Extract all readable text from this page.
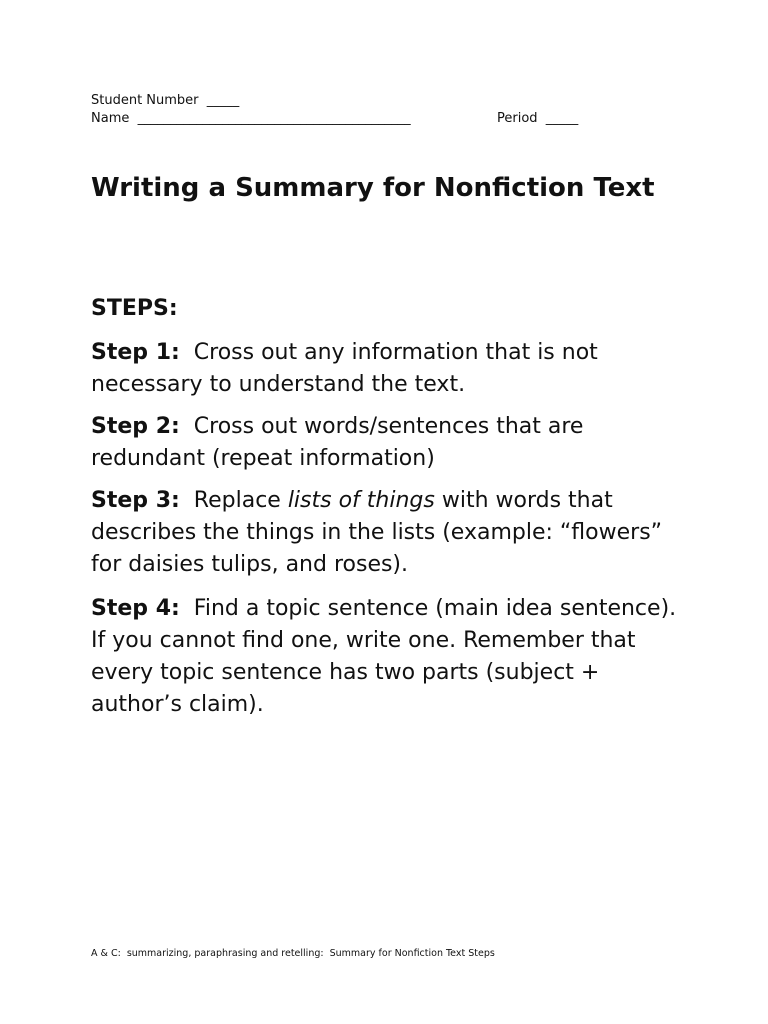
Student Number  _____
Name  __________________________________________	Period  _____
Writing a Summary for Nonfiction Text
STEPS:

Step 1: Cross out any information that is not necessary to understand the text.

Step 2: Cross out words/sentences that are redundant (repeat information)

Step 3: Replace lists of things with words that describes the things in the lists (example: “flowers” for daisies tulips, and roses).

Step 4: Find a topic sentence (main idea sentence). If you cannot find one, write one. Remember that every topic sentence has two parts (subject + author’s claim).

A & C:  summarizing, paraphrasing and retelling:  Summary for Nonfiction Text Steps
